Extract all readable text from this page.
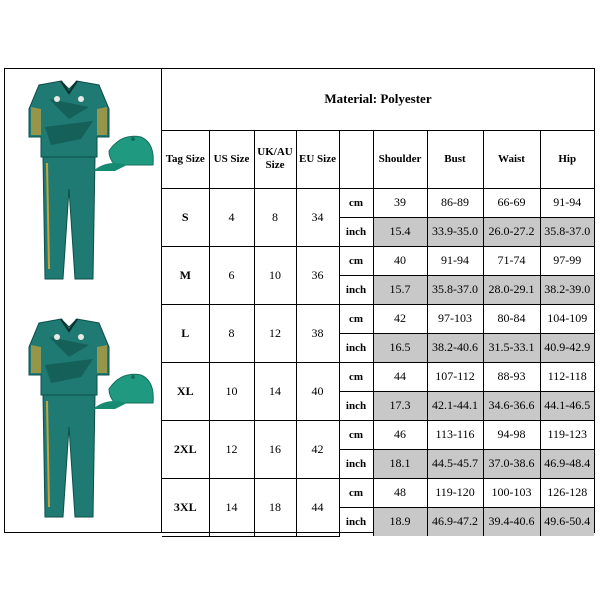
Material: Polyester								
Tag Size	US Size	UK/AU Size	EU Size		Shoulder	Bust	Waist	Hip
S	4	8	34	cm	39	86-89	66-69	91-94
				inch	15.4	33.9-35.0	26.0-27.2	35.8-37.0
M	6	10	36	cm	40	91-94	71-74	97-99
				inch	15.7	35.8-37.0	28.0-29.1	38.2-39.0
L	8	12	38	cm	42	97-103	80-84	104-109
				inch	16.5	38.2-40.6	31.5-33.1	40.9-42.9
XL	10	14	40	cm	44	107-112	88-93	112-118
				inch	17.3	42.1-44.1	34.6-36.6	44.1-46.5
2XL	12	16	42	cm	46	113-116	94-98	119-123
				inch	18.1	44.5-45.7	37.0-38.6	46.9-48.4
3XL	14	18	44	cm	48	119-120	100-103	126-128
				inch	18.9	46.9-47.2	39.4-40.6	49.6-50.4
